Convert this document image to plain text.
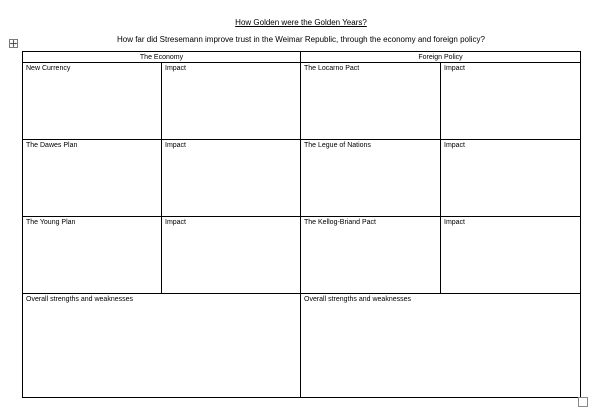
How Golden were the Golden Years?
How far did Stresemann improve trust in the Weimar Republic, through the economy and foreign policy?
The Economy		Foreign Policy	
New Currency	Impact	The Locarno Pact	Impact
The Dawes Plan	Impact	The Legue of Nations	Impact
The Young Plan	Impact	The Kellog-Briand Pact	Impact
Overall strengths and weaknesses		Overall strengths and weaknesses	
